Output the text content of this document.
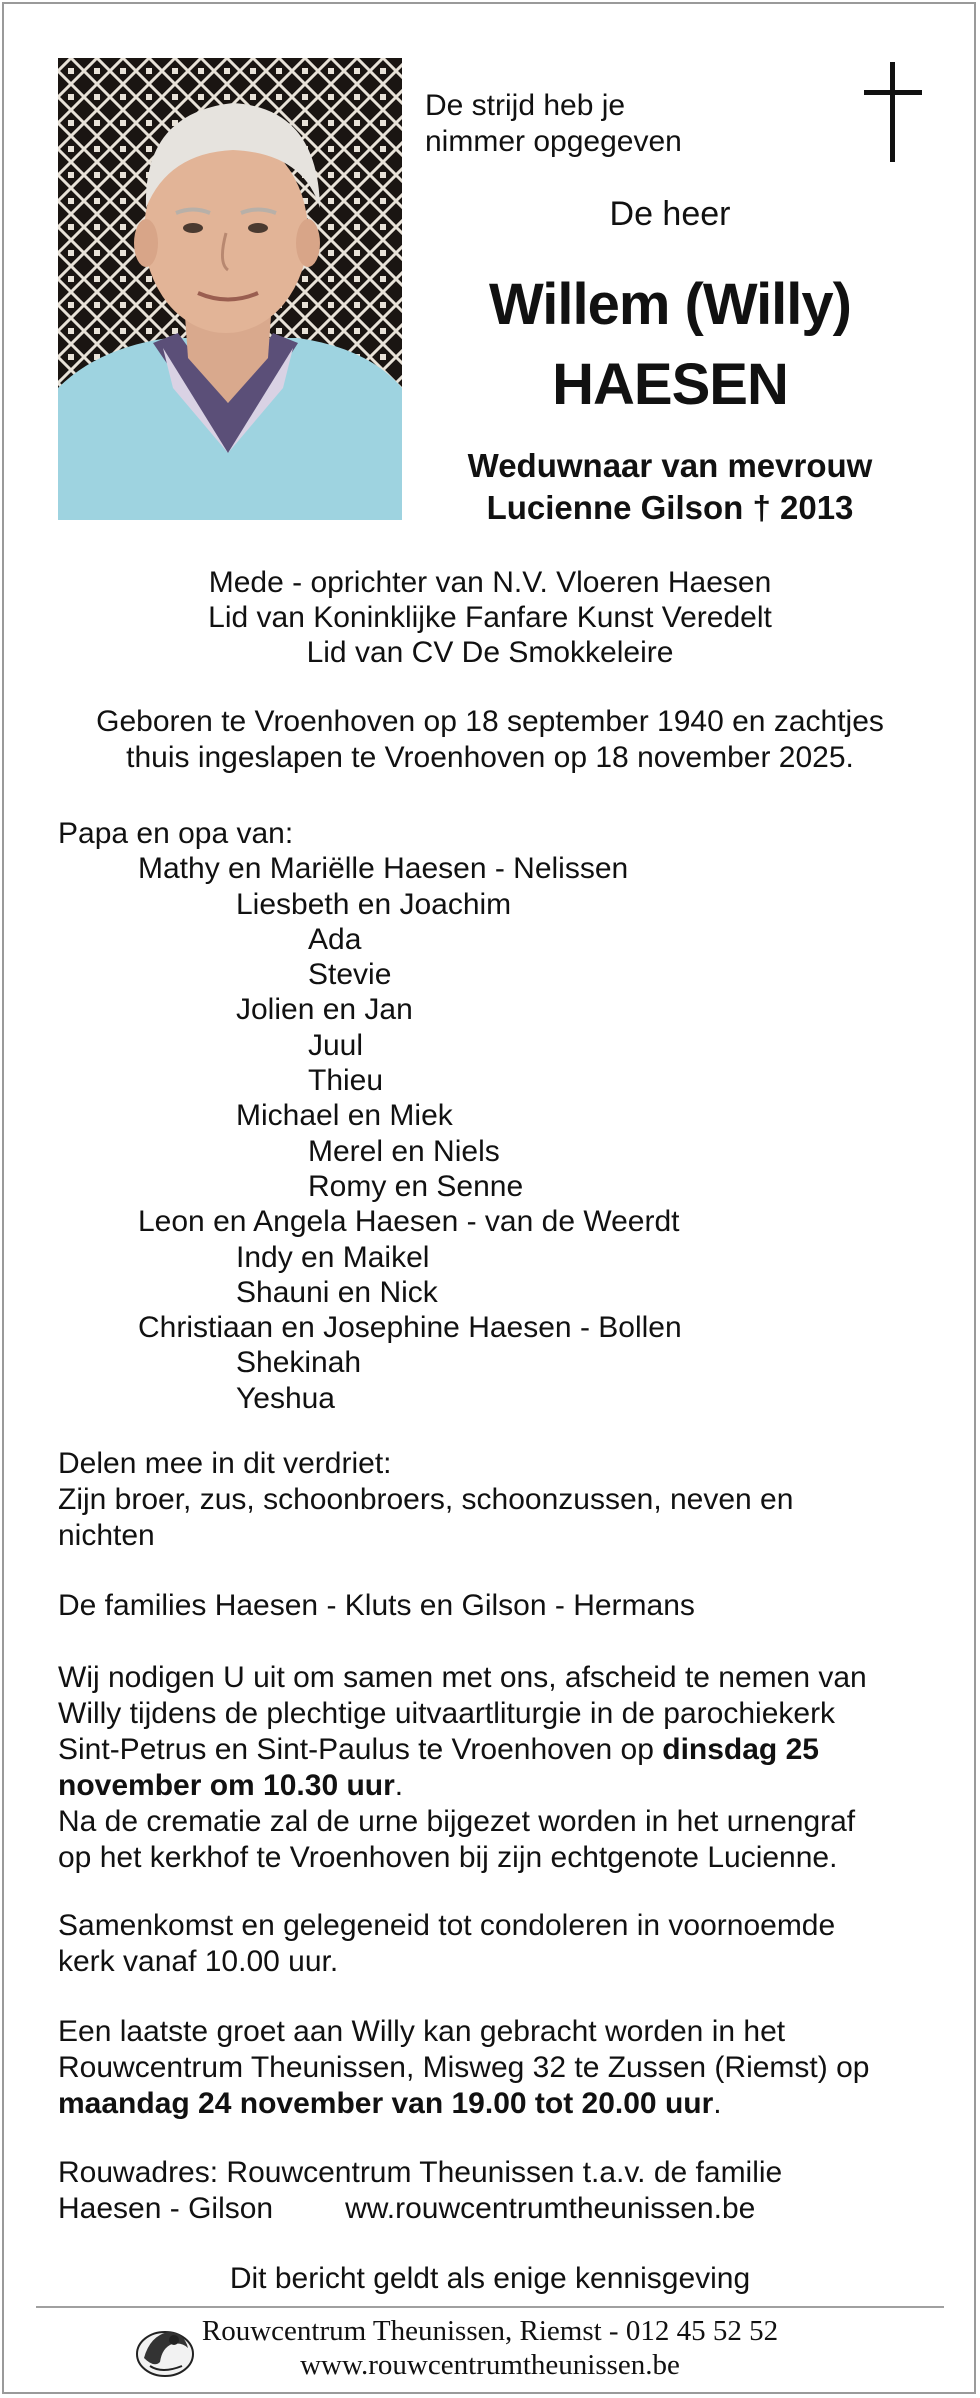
De strijd heb je
nimmer opgegeven
De heer
Willem (Willy)
HAESEN
Weduwnaar van mevrouw
Lucienne Gilson † 2013
Mede - oprichter van N.V. Vloeren Haesen
Lid van Koninklijke Fanfare Kunst Veredelt
Lid van CV De Smokkeleire
Geboren te Vroenhoven op 18 september 1940 en zachtjes
thuis ingeslapen te Vroenhoven op 18 november 2025.
Papa en opa van:
Mathy en Mariëlle Haesen - Nelissen
Liesbeth en Joachim
Ada
Stevie
Jolien en Jan
Juul
Thieu
Michael en Miek
Merel en Niels
Romy en Senne
Leon en Angela Haesen - van de Weerdt
Indy en Maikel
Shauni en Nick
Christiaan en Josephine Haesen - Bollen
Shekinah
Yeshua
Delen mee in dit verdriet:
Zijn broer, zus, schoonbroers, schoonzussen, neven en
nichten
De families Haesen - Kluts en Gilson - Hermans
Wij nodigen U uit om samen met ons, afscheid te nemen van
Willy tijdens de plechtige uitvaartliturgie in de parochiekerk
Sint-Petrus en Sint-Paulus te Vroenhoven op dinsdag 25
november om 10.30 uur.
Na de crematie zal de urne bijgezet worden in het urnengraf
op het kerkhof te Vroenhoven bij zijn echtgenote Lucienne.
Samenkomst en gelegeneid tot condoleren in voornoemde
kerk vanaf 10.00 uur.
Een laatste groet aan Willy kan gebracht worden in het
Rouwcentrum Theunissen, Misweg 32 te Zussen (Riemst) op
maandag 24 november van 19.00 tot 20.00 uur.
Rouwadres: Rouwcentrum Theunissen t.a.v. de familie
Haesen - Gilson ww.rouwcentrumtheunissen.be
Dit bericht geldt als enige kennisgeving
Rouwcentrum Theunissen, Riemst - 012 45 52 52
www.rouwcentrumtheunissen.be
